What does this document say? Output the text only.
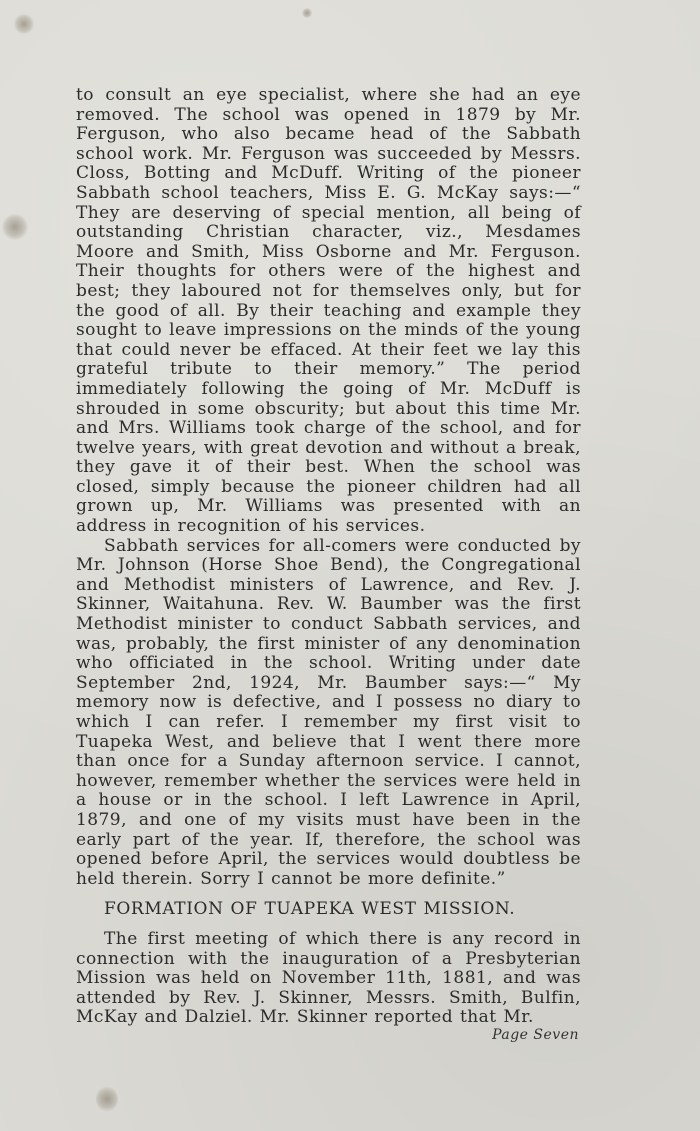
to consult an eye specialist, where she had an eye removed. The school was opened in 1879 by Mr. Ferguson, who also became head of the Sabbath school work. Mr. Ferguson was succeeded by Messrs. Closs, Botting and McDuff. Writing of the pioneer Sabbath school teachers, Miss E. G. McKay says:—“ They are deserving of special mention, all being of outstanding Christian character, viz., Mesdames Moore and Smith, Miss Osborne and Mr. Ferguson. Their thoughts for others were of the highest and best; they laboured not for themselves only, but for the good of all. By their teaching and example they sought to leave impressions on the minds of the young that could never be effaced. At their feet we lay this grateful tribute to their memory.” The period immediately following the going of Mr. McDuff is shrouded in some obscurity; but about this time Mr. and Mrs. Williams took charge of the school, and for twelve years, with great devotion and without a break, they gave it of their best. When the school was closed, simply because the pioneer children had all grown up, Mr. Williams was presented with an address in recognition of his services.

Sabbath services for all-comers were conducted by Mr. Johnson (Horse Shoe Bend), the Congregational and Methodist ministers of Lawrence, and Rev. J. Skinner, Waitahuna. Rev. W. Baumber was the first Methodist minister to conduct Sabbath services, and was, probably, the first minister of any denomination who officiated in the school. Writing under date September 2nd, 1924, Mr. Baumber says:—“ My memory now is defective, and I possess no diary to which I can refer. I remember my first visit to Tuapeka West, and believe that I went there more than once for a Sunday afternoon service. I cannot, however, remember whether the services were held in a house or in the school. I left Lawrence in April, 1879, and one of my visits must have been in the early part of the year. If, therefore, the school was opened before April, the services would doubtless be held therein. Sorry I cannot be more definite.”

FORMATION OF TUAPEKA WEST MISSION.

The first meeting of which there is any record in connection with the inauguration of a Presbyterian Mission was held on November 11th, 1881, and was attended by Rev. J. Skinner, Messrs. Smith, Bulfin, McKay and Dalziel. Mr. Skinner reported that Mr.

Page Seven
